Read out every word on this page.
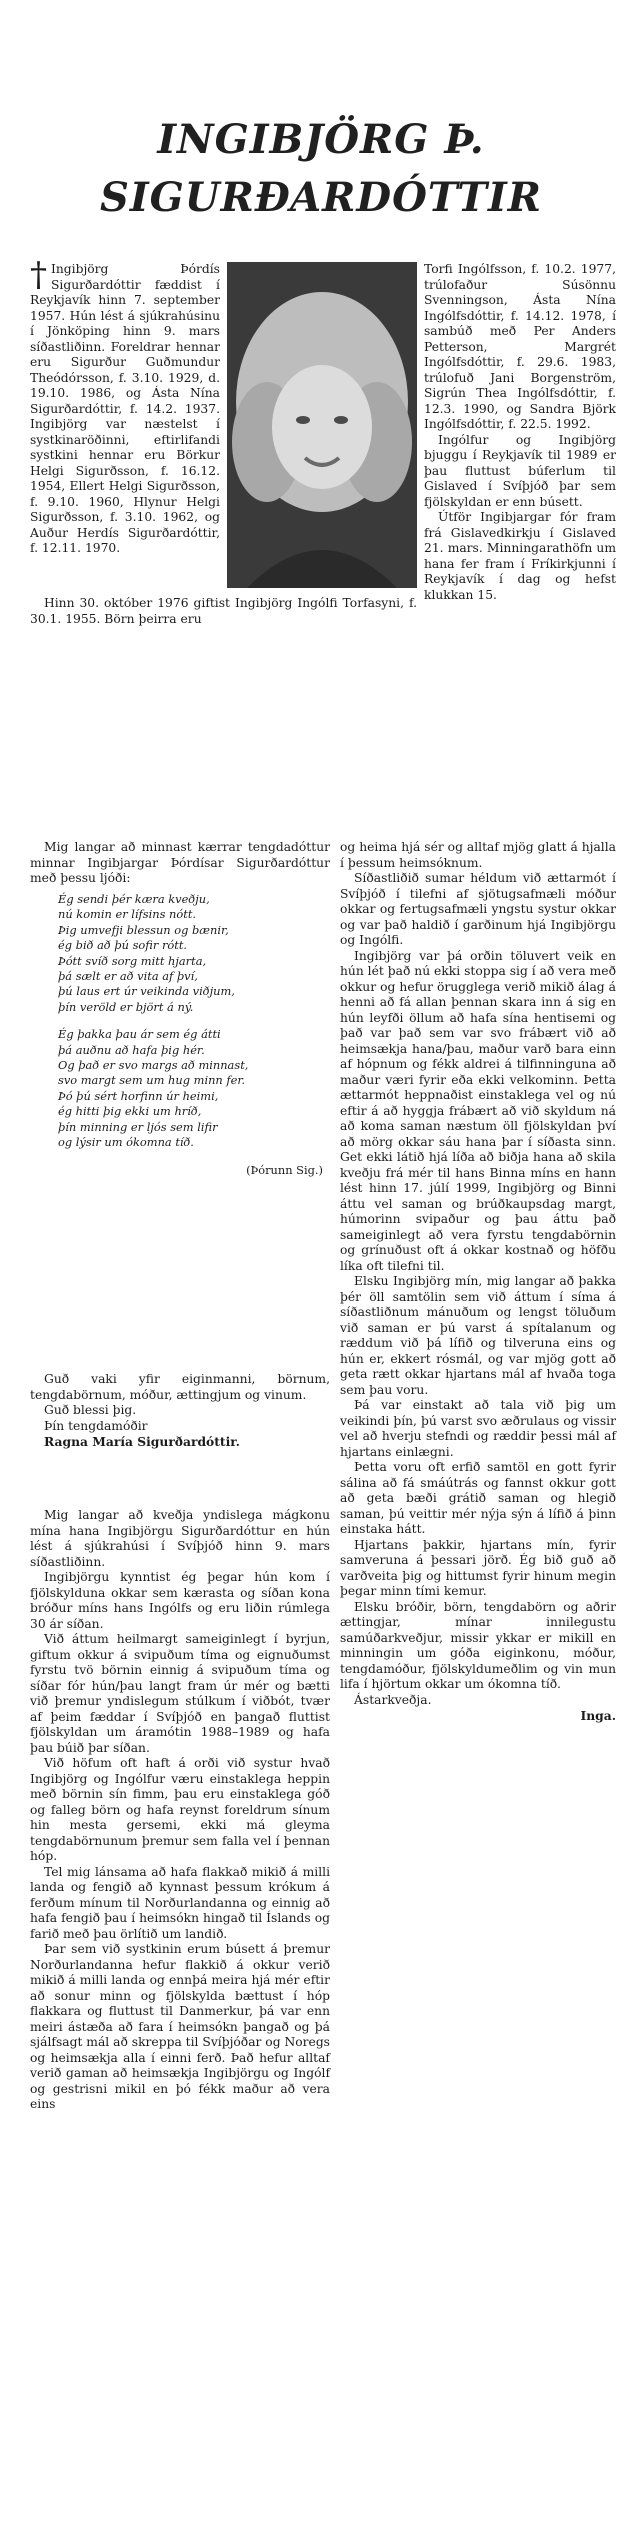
INGIBJÖRG Þ.
SIGURÐARDÓTTIR

† Ingibjörg Þórdís Sigurðardóttir fæddist í Reykjavík hinn 7. september 1957. Hún lést á sjúkrahúsinu í Jönköping hinn 9. mars síðastliðinn. Foreldrar hennar eru Sigurður Guðmundur Theódórsson, f. 3.10. 1929, d. 19.10. 1986, og Ásta Nína Sigurðardóttir, f. 14.2. 1937. Ingibjörg var næstelst í systkinaröðinni, eftirlifandi systkini hennar eru Börkur Helgi Sigurðsson, f. 16.12. 1954, Ellert Helgi Sigurðsson, f. 9.10. 1960, Hlynur Helgi Sigurðsson, f. 3.10. 1962, og Auður Herdís Sigurðardóttir, f. 12.11. 1970.

Torfi Ingólfsson, f. 10.2. 1977, trúlofaður Súsönnu Svenningson, Ásta Nína Ingólfsdóttir, f. 14.12. 1978, í sambúð með Per Anders Petterson, Margrét Ingólfsdóttir, f. 29.6. 1983, trúlofuð Jani Borgenström, Sigrún Thea Ingólfsdóttir, f. 12.3. 1990, og Sandra Björk Ingólfsdóttir, f. 22.5. 1992.

Ingólfur og Ingibjörg bjuggu í Reykjavík til 1989 er þau fluttust búferlum til Gislaved í Svíþjóð þar sem fjölskyldan er enn búsett.

Útför Ingibjargar fór fram frá Gislavedkirkju í Gislaved 21. mars. Minningarathöfn um hana fer fram í Fríkirkjunni í Reykjavík í dag og hefst klukkan 15.

Hinn 30. október 1976 giftist Ingibjörg Ingólfi Torfasyni, f. 30.1. 1955. Börn þeirra eru

Mig langar að minnast kærrar tengdadóttur minnar Ingibjargar Þórdísar Sigurðardóttur með þessu ljóði:

Ég sendi þér kæra kveðju,
nú komin er lífsins nótt.
Þig umvefji blessun og bænir,
ég bið að þú sofir rótt.
Þótt svíð sorg mitt hjarta,
þá sælt er að vita af því,
þú laus ert úr veikinda viðjum,
þín veröld er björt á ný.
Ég þakka þau ár sem ég átti
þá auðnu að hafa þig hér.
Og það er svo margs að minnast,
svo margt sem um hug minn fer.
Þó þú sért horfinn úr heimi,
ég hitti þig ekki um hríð,
þín minning er ljós sem lifir
og lýsir um ókomna tíð.
(Þórunn Sig.)

Guð vaki yfir eiginmanni, börnum, tengdabörnum, móður, ættingjum og vinum.

Guð blessi þig.

Þín tengdamóðir

Ragna María Sigurðardóttir.

Mig langar að kveðja yndislega mágkonu mína hana Ingibjörgu Sigurðardóttur en hún lést á sjúkrahúsi í Svíþjóð hinn 9. mars síðastliðinn.

Ingibjörgu kynntist ég þegar hún kom í fjölskylduna okkar sem kærasta og síðan kona bróður míns hans Ingólfs og eru liðin rúmlega 30 ár síðan.

Við áttum heilmargt sameiginlegt í byrjun, giftum okkur á svipuðum tíma og eignuðumst fyrstu tvö börnin einnig á svipuðum tíma og síðar fór hún/þau langt fram úr mér og bætti við þremur yndislegum stúlkum í viðbót, tvær af þeim fæddar í Svíþjóð en þangað fluttist fjölskyldan um áramótin 1988–1989 og hafa þau búið þar síðan.

Við höfum oft haft á orði við systur hvað Ingibjörg og Ingólfur væru einstaklega heppin með börnin sín fimm, þau eru einstaklega góð og falleg börn og hafa reynst foreldrum sínum hin mesta gersemi, ekki má gleyma tengdabörnunum þremur sem falla vel í þennan hóp.

Tel mig lánsama að hafa flakkað mikið á milli landa og fengið að kynnast þessum krókum á ferðum mínum til Norðurlandanna og einnig að hafa fengið þau í heimsókn hingað til Íslands og farið með þau örlítið um landið.

Þar sem við systkinin erum búsett á þremur Norðurlandanna hefur flakkið á okkur verið mikið á milli landa og ennþá meira hjá mér eftir að sonur minn og fjölskylda bættust í hóp flakkara og fluttust til Danmerkur, þá var enn meiri ástæða að fara í heimsókn þangað og þá sjálfsagt mál að skreppa til Svíþjóðar og Noregs og heimsækja alla í einni ferð. Það hefur alltaf verið gaman að heimsækja Ingibjörgu og Ingólf og gestrisni mikil en þó fékk maður að vera eins

og heima hjá sér og alltaf mjög glatt á hjalla í þessum heimsóknum.

Síðastliðið sumar héldum við ættarmót í Svíþjóð í tilefni af sjötugsafmæli móður okkar og fertugsafmæli yngstu systur okkar og var það haldið í garðinum hjá Ingibjörgu og Ingólfi.

Ingibjörg var þá orðin töluvert veik en hún lét það nú ekki stoppa sig í að vera með okkur og hefur örugglega verið mikið álag á henni að fá allan þennan skara inn á sig en hún leyfði öllum að hafa sína hentisemi og það var það sem var svo frábært við að heimsækja hana/þau, maður varð bara einn af hópnum og fékk aldrei á tilfinninguna að maður væri fyrir eða ekki velkominn. Þetta ættarmót heppnaðist einstaklega vel og nú eftir á að hyggja frábært að við skyldum ná að koma saman næstum öll fjölskyldan því að mörg okkar sáu hana þar í síðasta sinn. Get ekki látið hjá líða að biðja hana að skila kveðju frá mér til hans Binna míns en hann lést hinn 17. júlí 1999, Ingibjörg og Binni áttu vel saman og brúðkaupsdag margt, húmorinn svipaður og þau áttu það sameiginlegt að vera fyrstu tengdabörnin og grínuðust oft á okkar kostnað og höfðu líka oft tilefni til.

Elsku Ingibjörg mín, mig langar að þakka þér öll samtölin sem við áttum í síma á síðastliðnum mánuðum og lengst töluðum við saman er þú varst á spítalanum og ræddum við þá lífið og tilveruna eins og hún er, ekkert rósmál, og var mjög gott að geta rætt okkar hjartans mál af hvaða toga sem þau voru.

Þá var einstakt að tala við þig um veikindi þín, þú varst svo æðrulaus og vissir vel að hverju stefndi og ræddir þessi mál af hjartans einlægni.

Þetta voru oft erfið samtöl en gott fyrir sálina að fá smáútrás og fannst okkur gott að geta bæði grátið saman og hlegið saman, þú veittir mér nýja sýn á lífið á þinn einstaka hátt.

Hjartans þakkir, hjartans mín, fyrir samveruna á þessari jörð. Ég bið guð að varðveita þig og hittumst fyrir hinum megin þegar minn tími kemur.

Elsku bróðir, börn, tengdabörn og aðrir ættingjar, mínar innilegustu samúðarkveðjur, missir ykkar er mikill en minningin um góða eiginkonu, móður, tengdamóður, fjölskyldumeðlim og vin mun lifa í hjörtum okkar um ókomna tíð.

Ástarkveðja.

Inga.
